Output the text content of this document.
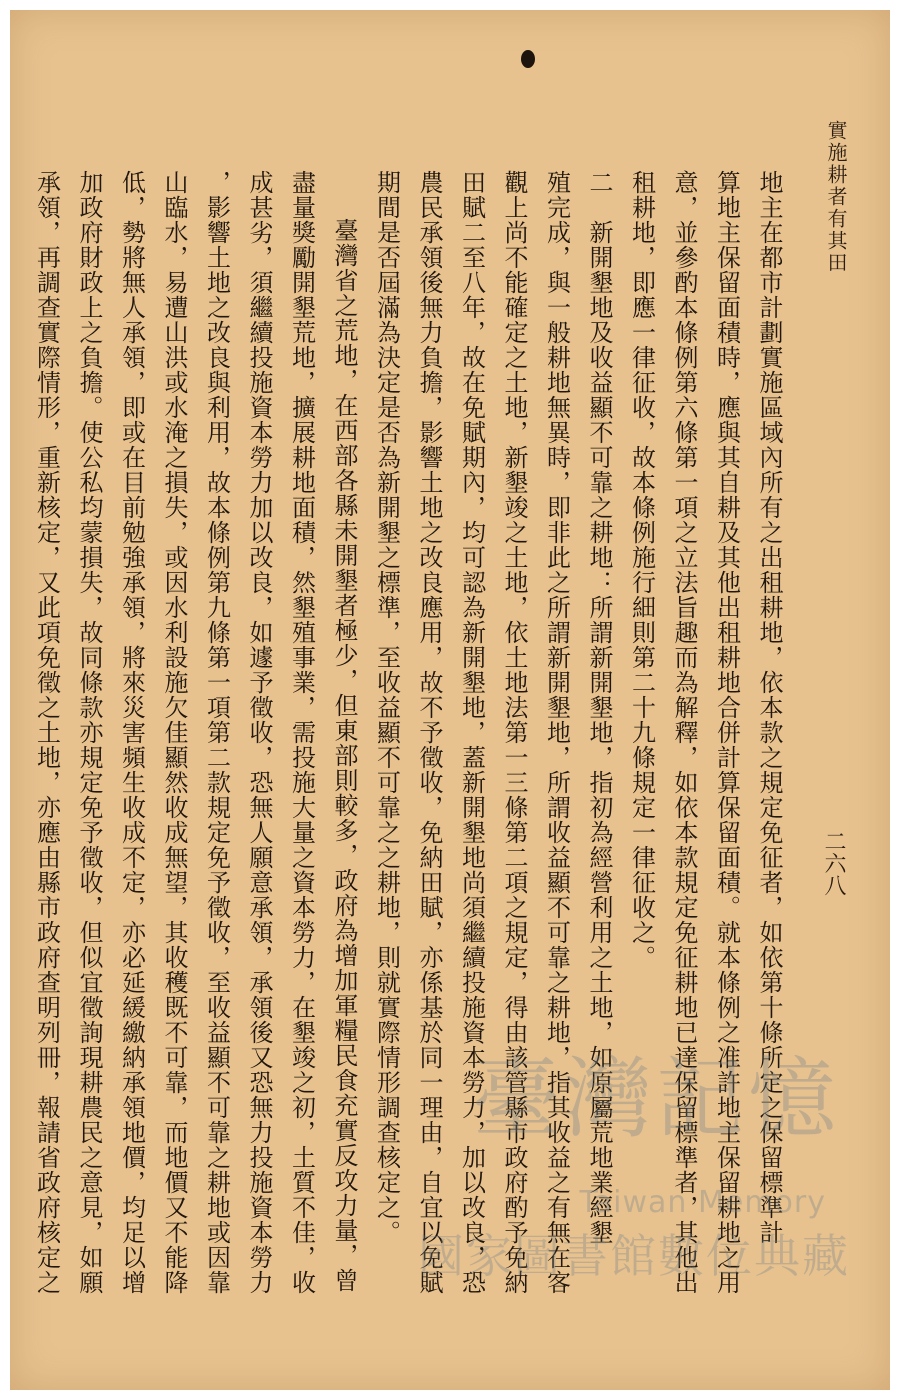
實施耕者有其田
二六八
地主在都市計劃實施區域內所有之出租耕地，依本款之規定免征者，如依第十條所定之保留標準計
算地主保留面積時，應與其自耕及其他出租耕地合併計算保留面積。就本條例之准許地主保留耕地之用
意，並參酌本條例第六條第一項之立法旨趣而為解釋，如依本款規定免征耕地已達保留標準者，其他出
租耕地，即應一律征收，故本條例施行細則第二十九條規定一律征收之。
二　新開墾地及收益顯不可靠之耕地：所謂新開墾地，指初為經營利用之土地，如原屬荒地業經墾
殖完成，與一般耕地無異時，即非此之所謂新開墾地，所謂收益顯不可靠之耕地，指其收益之有無在客
觀上尚不能確定之土地，新墾竣之土地，依土地法第一三條第二項之規定，得由該管縣市政府酌予免納
田賦二至八年，故在免賦期內，均可認為新開墾地，蓋新開墾地尚須繼續投施資本勞力，加以改良，恐
農民承領後無力負擔，影響土地之改良應用，故不予徵收，免納田賦，亦係基於同一理由，自宜以免賦
期間是否屆滿為決定是否為新開墾之標準，至收益顯不可靠之之耕地，則就實際情形調查核定之。
臺灣省之荒地，在西部各縣未開墾者極少，但東部則較多，政府為增加軍糧民食充實反攻力量，曾
盡量獎勵開墾荒地，擴展耕地面積，然墾殖事業，需投施大量之資本勞力，在墾竣之初，土質不佳，收
成甚劣，須繼續投施資本勞力加以改良，如遽予徵收，恐無人願意承領，承領後又恐無力投施資本勞力
，影響土地之改良與利用，故本條例第九條第一項第二款規定免予徵收，至收益顯不可靠之耕地或因靠
山臨水，易遭山洪或水淹之損失，或因水利設施欠佳顯然收成無望，其收穫既不可靠，而地價又不能降
低，勢將無人承領，即或在目前勉強承領，將來災害頻生收成不定，亦必延緩繳納承領地價，均足以增
加政府財政上之負擔。使公私均蒙損失，故同條款亦規定免予徵收，但似宜徵詢現耕農民之意見，如願
承領，再調查實際情形，重新核定，又此項免徵之土地，亦應由縣市政府查明列冊，報請省政府核定之	臺灣記憶
Taiwan Memory
國家圖書館數位典藏
